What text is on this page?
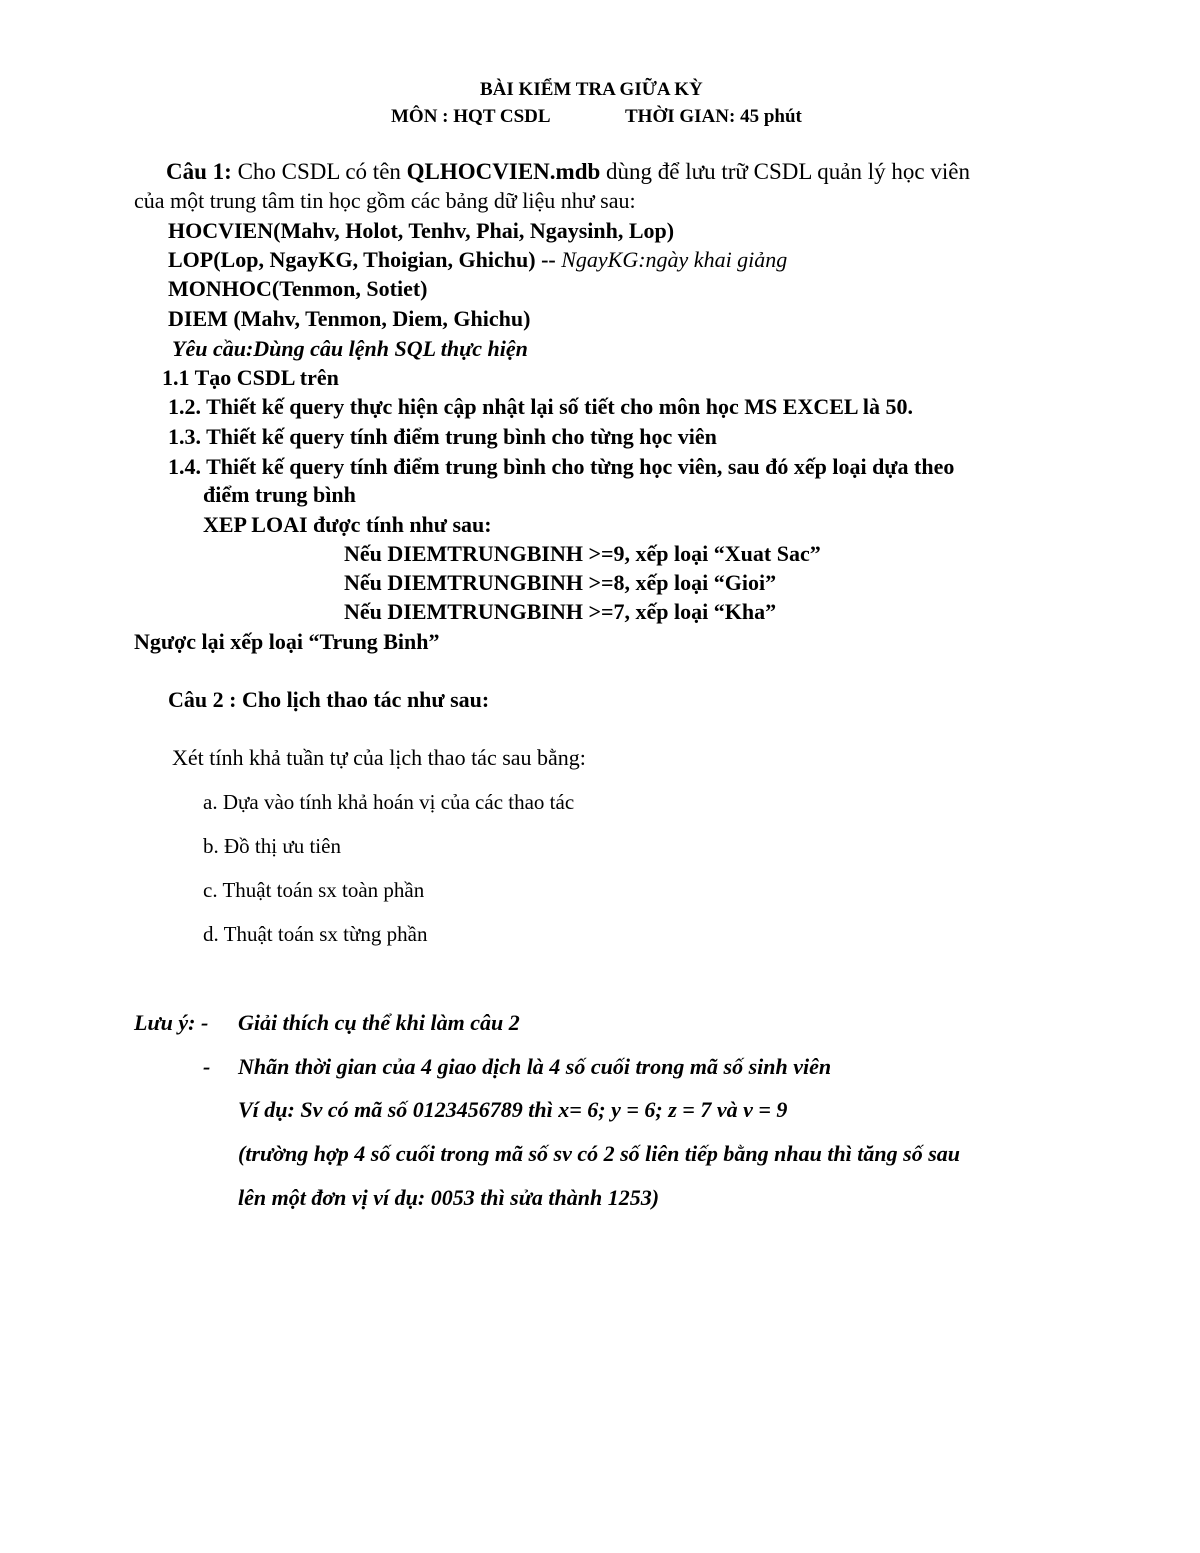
BÀI KIỂM TRA GIỮA KỲ
MÔN : HQT CSDL	THỜI GIAN: 45 phút
Câu 1: Cho CSDL có tên QLHOCVIEN.mdb dùng để lưu trữ CSDL quản lý học viên
của một trung tâm tin học gồm các bảng dữ liệu như sau:
HOCVIEN(Mahv, Holot, Tenhv, Phai, Ngaysinh, Lop)
LOP(Lop, NgayKG, Thoigian, Ghichu) -- NgayKG:ngày khai giảng
MONHOC(Tenmon, Sotiet)
DIEM (Mahv, Tenmon, Diem, Ghichu)
Yêu cầu:Dùng câu lệnh SQL thực hiện
1.1 Tạo CSDL trên
1.2. Thiết kế query thực hiện cập nhật lại số tiết cho môn học MS EXCEL là 50.
1.3. Thiết kế query tính điểm trung bình cho từng học viên
1.4. Thiết kế query tính điểm trung bình cho từng học viên, sau đó xếp loại dựa theo
điểm trung bình
XEP LOAI được tính như sau:
Nếu DIEMTRUNGBINH >=9, xếp loại “Xuat Sac”
Nếu DIEMTRUNGBINH >=8, xếp loại “Gioi”
Nếu DIEMTRUNGBINH >=7, xếp loại “Kha”
Ngược lại xếp loại “Trung Binh”
Câu 2 : Cho lịch thao tác như sau:
Xét tính khả tuần tự của lịch thao tác sau bằng:
a. Dựa vào tính khả hoán vị của các thao tác
b. Đồ thị ưu tiên
c. Thuật toán sx toàn phần
d. Thuật toán sx từng phần
Lưu ý: - Giải thích cụ thể khi làm câu 2
- Nhãn thời gian của 4 giao dịch là 4 số cuối trong mã số sinh viên
Ví dụ: Sv có mã số 0123456789 thì x= 6; y = 6; z = 7 và v = 9
(trường hợp 4 số cuối trong mã số sv có 2 số liên tiếp bằng nhau thì tăng số sau
lên một đơn vị ví dụ: 0053 thì sửa thành 1253)
